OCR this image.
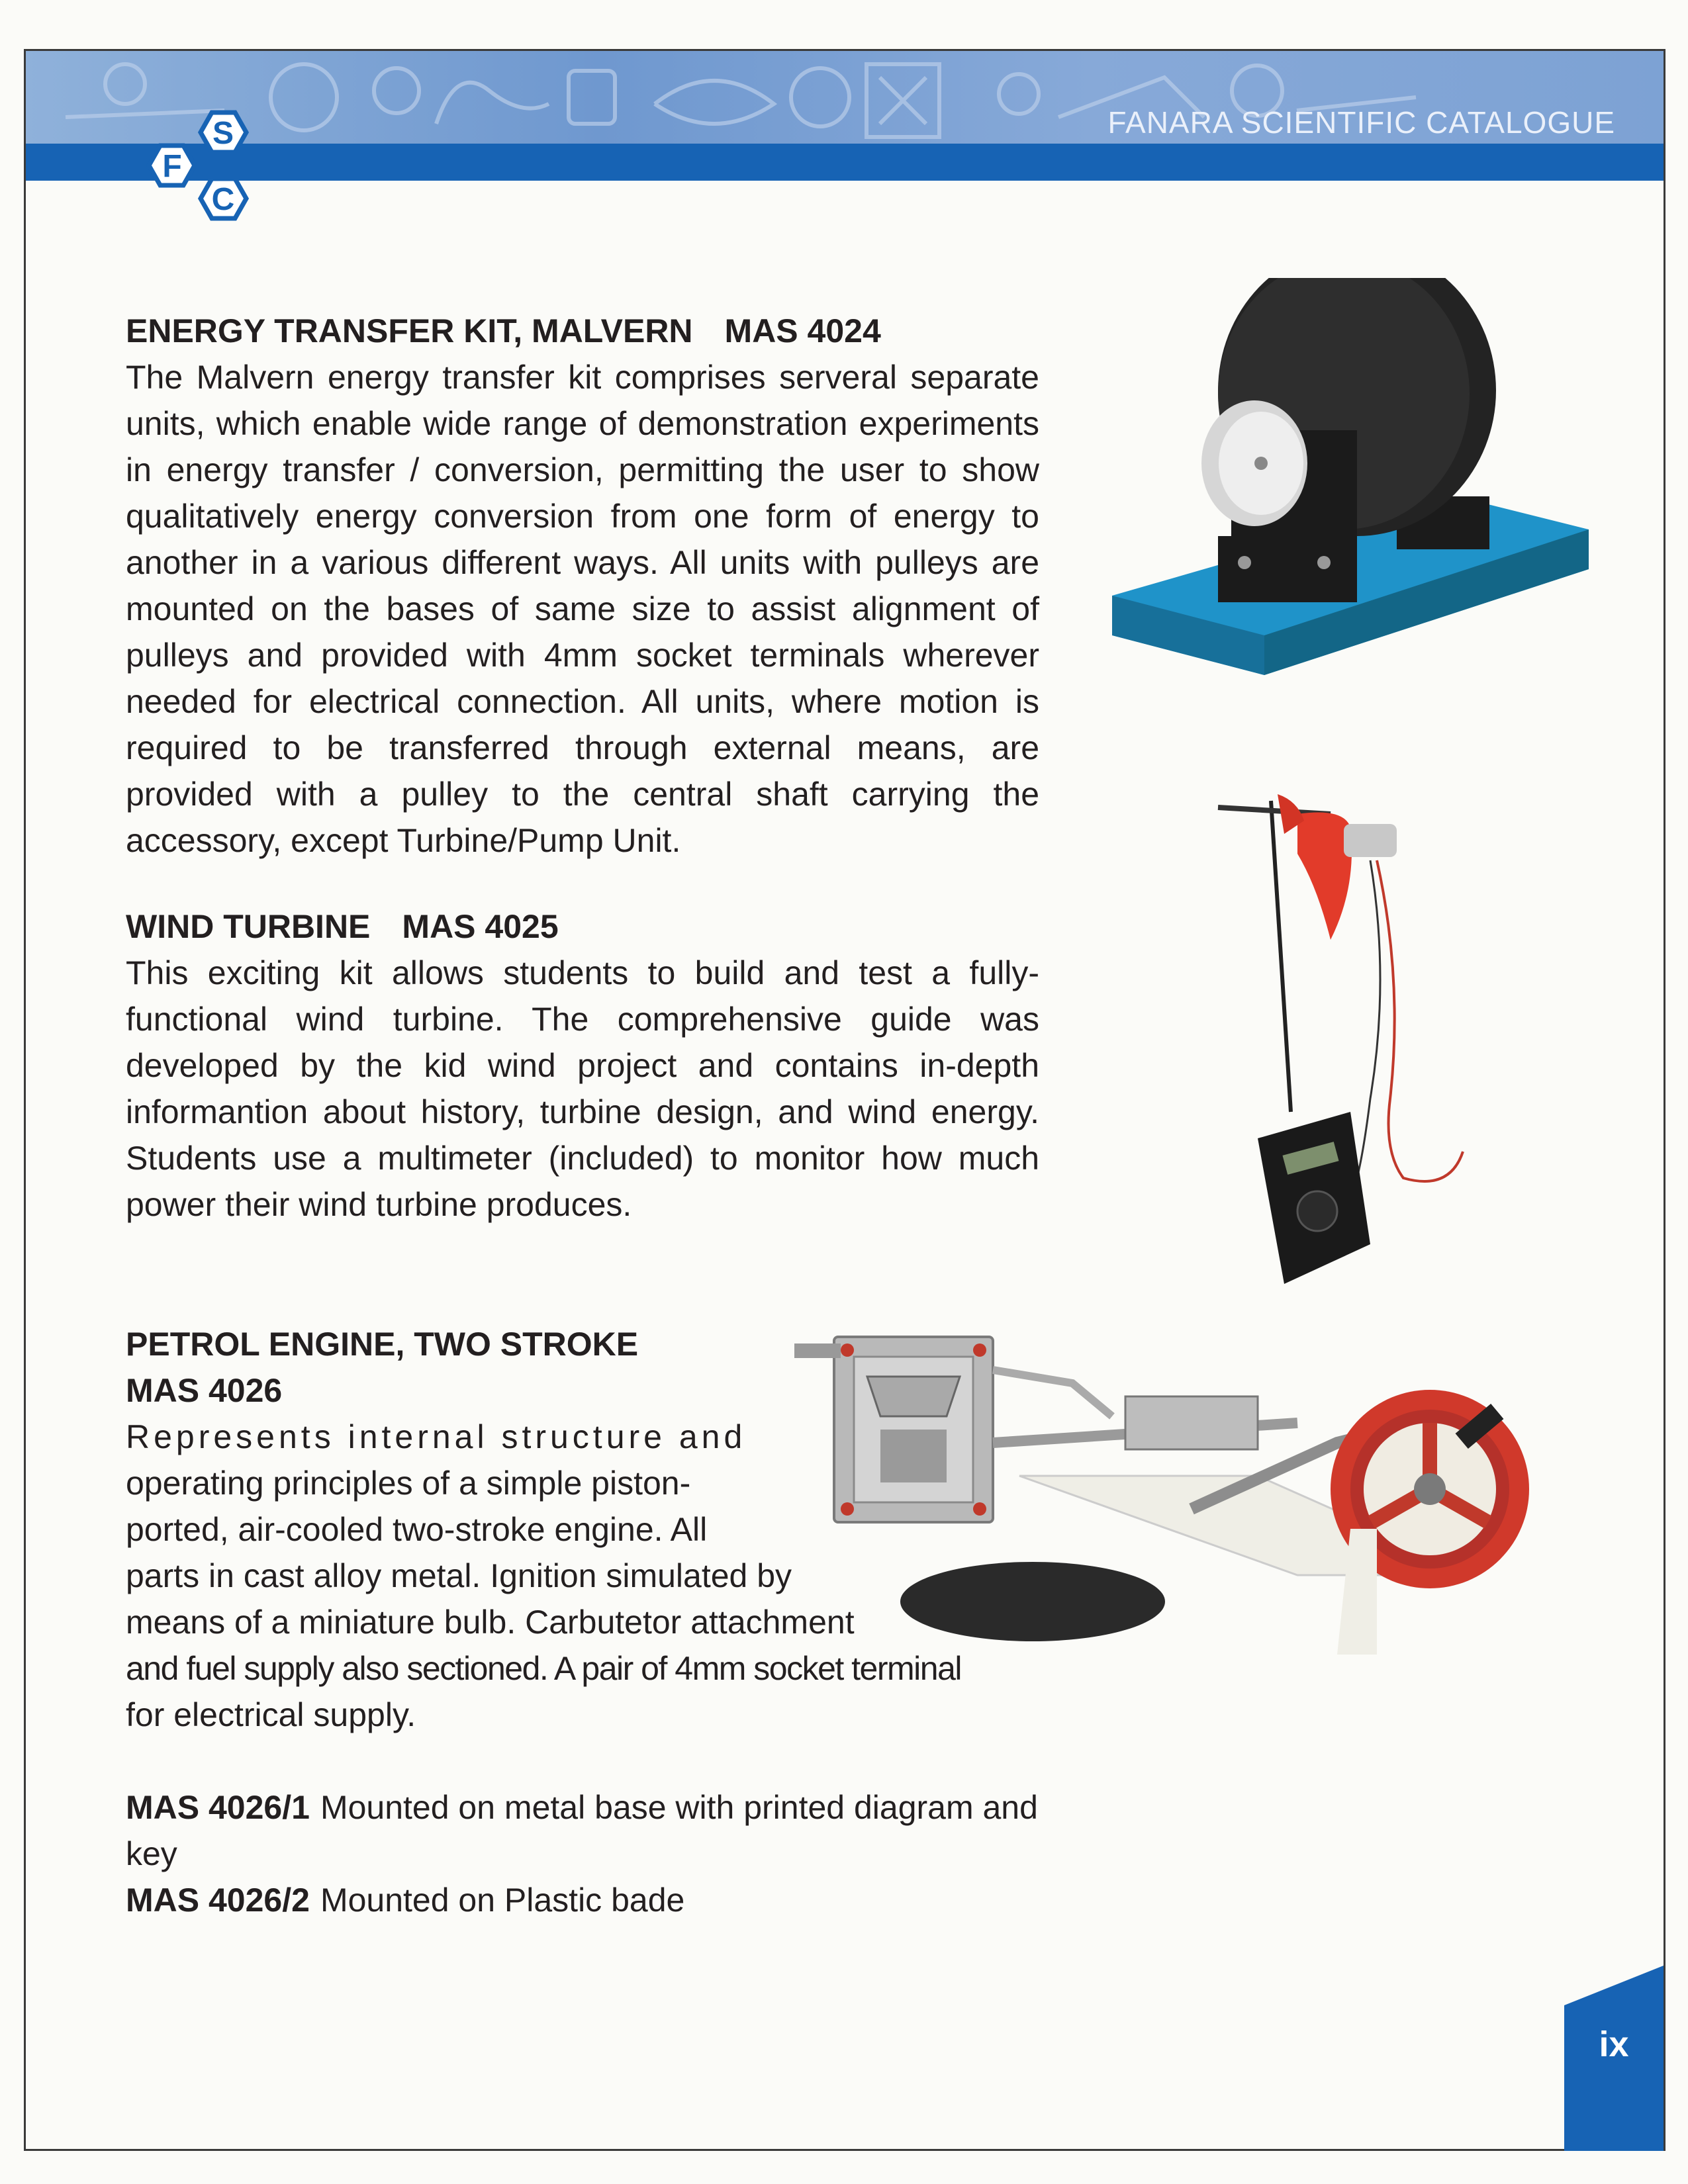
FANARA SCIENTIFIC CATALOGUE
S
F
C
ENERGY TRANSFER KIT, MALVERN MAS 4024

The Malvern energy transfer kit comprises serveral separate units, which enable wide range of demonstration experiments in energy transfer / conversion, permitting the user to show qualitatively energy conversion from one form of energy to another in a various different ways. All units with pulleys are mounted on the bases of same size to assist alignment of pulleys and provided with 4mm socket terminals wherever needed for electrical connection. All units, where motion is required to be transferred through external means, are provided with a pulley to the central shaft carrying the accessory, except Turbine/Pump Unit.

WIND TURBINE MAS 4025

This exciting kit allows students to build and test a fully-functional wind turbine. The comprehensive guide was developed by the kid wind project and contains in-depth informantion about history, turbine design, and wind energy. Students use a multimeter (included) to monitor how much power their wind turbine produces.

PETROL ENGINE, TWO STROKE
MAS 4026
Represents internal structure and
operating principles of a simple piston-
ported, air-cooled two-stroke engine. All
parts in cast alloy metal. Ignition simulated by
means of a miniature bulb. Carbutetor attachment
and fuel supply also sectioned. A pair of 4mm socket terminal
for electrical supply.
MAS 4026/1 Mounted on metal base with printed diagram and key
MAS 4026/2 Mounted on Plastic bade
ix
